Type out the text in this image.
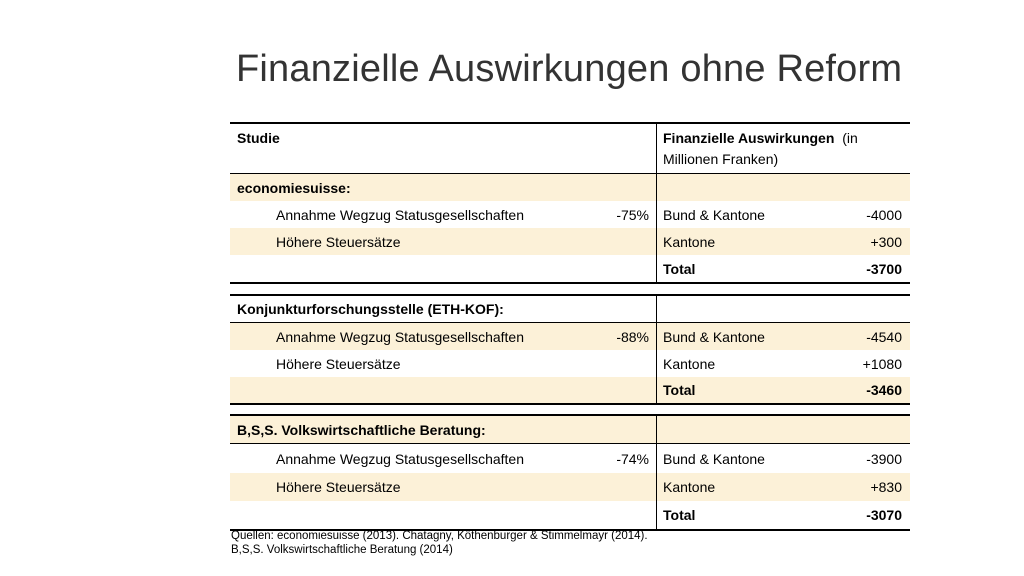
Finanzielle Auswirkungen ohne Reform
Studie	Finanzielle Auswirkungen (in
Millionen Franken)
economiesuisse:
Annahme Wegzug Statusgesellschaften	-75% Bund & Kantone	-4000
Höhere Steuersätze	Kantone	+300
Total	-3700
Konjunkturforschungsstelle (ETH-KOF):
Annahme Wegzug Statusgesellschaften	-88% Bund & Kantone	-4540
Höhere Steuersätze	Kantone	+1080
Total	-3460
B,S,S. Volkswirtschaftliche Beratung:
Annahme Wegzug Statusgesellschaften	-74% Bund & Kantone	-3900
Höhere Steuersätze	Kantone	+830
Total	-3070
Quellen: economiesuisse (2013). Chatagny, Köthenburger & Stimmelmayr (2014).
B,S,S. Volkswirtschaftliche Beratung (2014)
